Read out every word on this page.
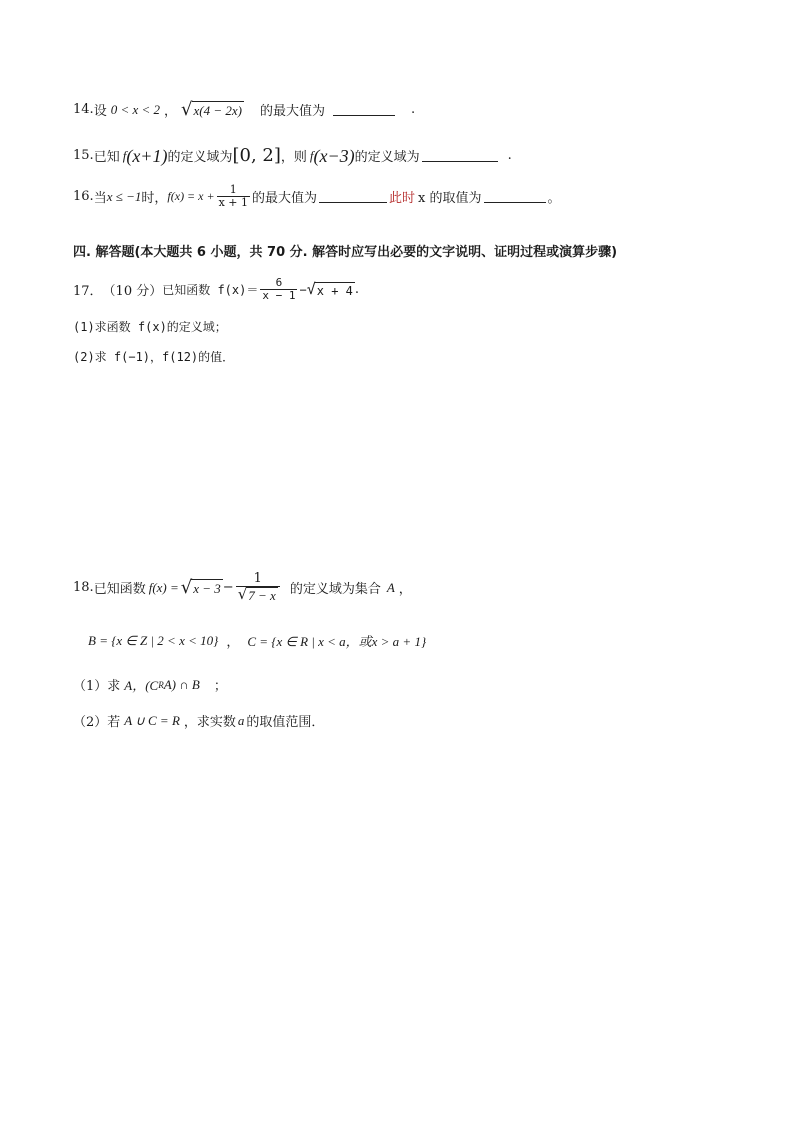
14. 设 0 < x < 2 ， √ x(4 − 2x) 的最大值为	.
15. 已知 f (x+1) 的定义域为 [0, 2] ，则 f (x−3) 的定义域为	.
16. 当 x ≤ −1 时， $f(x) = x + \frac{1}{x + 1}$ 的最大值为	此时 x 的取值为	。
四. 解答题(本大题共 6 小题，共 70 分. 解答时应写出必要的文字说明、证明过程或演算步骤)
17． （10 分） 已知函数 $f(x)= \frac{6}{x - 1}$ − √ x + 4 .
(1)求函数 f(x)的定义域；
(2)求 f(−1)，f(12)的值．
18. 已知函数 f(x) = √ $x - 3 - \frac{1}{√ 7 - x}$ 的定义域为集合 A ，
B = {x ∈ Z | 2 < x < 10} ， C = {x ∈ R | x < a，或x > a + 1}
（1）求 A，(C R A) ∩ B ；
（2）若 A ∪ C = R ，求实数 a 的取值范围．
